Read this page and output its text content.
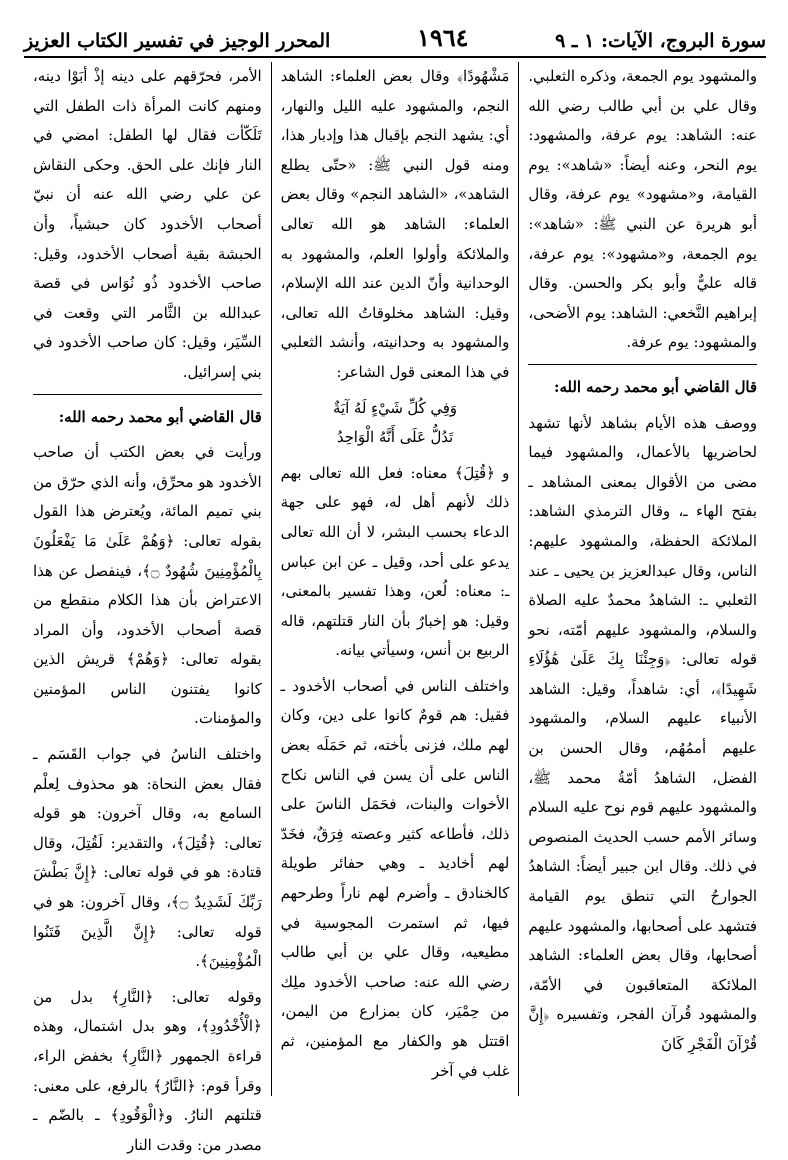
سورة البروج، الآيات: ١ ـ ٩
١٩٦٤
المحرر الوجيز في تفسير الكتاب العزيز

والمشهود يوم الجمعة، وذكره الثعلبي. وقال علي بن أبي طالب رضي الله عنه: الشاهد: يوم عرفة، والمشهود: يوم النحر، وعنه أيضاً: «شاهد»: يوم القيامة، و«مشهود» يوم عرفة، وقال أبو هريرة عن النبي ﷺ: «شاهد»: يوم الجمعة، و«مشهود»: يوم عرفة، قاله عليٌّ وأبو بكر والحسن. وقال إبراهيم النَّخعي: الشاهد: يوم الأضحى، والمشهود: يوم عرفة.

قال القاضي أبو محمد رحمه الله:

ووصف هذه الأيام بشاهد لأنها تشهد لحاضريها بالأعمال، والمشهود فيما مضى من الأقوال بمعنى المشاهد ـ بفتح الهاء ـ، وقال الترمذي الشاهد: الملائكة الحفظة، والمشهود عليهم: الناس، وقال عبدالعزيز بن يحيى ـ عند الثعلبي ـ: الشاهدُ محمدٌ عليه الصلاة والسلام، والمشهود عليهم أمّته، نحو قوله تعالى: ﴿وَجِئْنَا بِكَ عَلَىٰ هَٰؤُلَاءِ شَهِيدًا﴾، أي: شاهداً، وقيل: الشاهد الأنبياء عليهم السلام، والمشهود عليهم أممُهُم، وقال الحسن بن الفضل، الشاهدُ أمّةُ محمد ﷺ، والمشهود عليهم قوم نوح عليه السلام وسائر الأمم حسب الحديث المنصوص في ذلك. وقال ابن جبير أيضاً: الشاهدُ الجوارحُ التي تنطق يوم القيامة فتشهد على أصحابها، والمشهود عليهم أصحابها، وقال بعض العلماء: الشاهد الملائكة المتعاقبون في الأمّة، والمشهود قُرآن الفجر، وتفسيره ﴿إِنَّ قُرْآنَ الْفَجْرِ كَانَ

مَشْهُودًا﴾ وقال بعض العلماء: الشاهد النجم، والمشهود عليه الليل والنهار، أي: يشهد النجم بإقبال هذا وإدبار هذا، ومنه قول النبي ﷺ: «حتّى يطلع الشاهد»، «الشاهد النجم» وقال بعض العلماء: الشاهد هو الله تعالى والملائكة وأولوا العلم، والمشهود به الوحدانية وأنّ الدين عند الله الإسلام، وقيل: الشاهد مخلوقاتُ الله تعالى، والمشهود به وحدانيته، وأنشد الثعلبي في هذا المعنى قول الشاعر:

وَفِي كُلِّ شَيْءٍ لَهُ آيَةٌ
تَدُلُّ عَلَى أَنَّهُ الْوَاحِدُ

و ﴿قُتِلَ﴾ معناه: فعل الله تعالى بهم ذلك لأنهم أهل له، فهو على جهة الدعاء بحسب البشر، لا أن الله تعالى يدعو على أحد، وقيل ـ عن ابن عباس ـ: معناه: لُعن، وهذا تفسير بالمعنى، وقيل: هو إخبارٌ بأن النار قتلتهم، قاله الربيع بن أنس، وسيأتي بيانه.

واختلف الناس في أصحاب الأخدود ـ فقيل: هم قومٌ كانوا على دين، وكان لهم ملك، فزنى بأخته، ثم حَمَلَه بعض الناس على أن يسن في الناس نكاح الأخوات والبنات، فحَمَل الناسَ على ذلك، فأطاعه كثير وعصته فِرَقٌ، فخَدّ لهم أخاديد ـ وهي حفائر طويلة كالخنادق ـ وأضرم لهم ناراً وطرحهم فيها، ثم استمرت المجوسية في مطيعيه، وقال علي بن أبي طالب رضي الله عنه: صاحب الأخدود ملِك من حِمْيَر، كان بمزارع من اليمن، اقتتل هو والكفار مع المؤمنين، ثم غلب في آخر

الأمر، فحرّقهم على دينه إذْ أبَوْا دينه، ومنهم كانت المرأة ذات الطفل التي تَلَكّأت فقال لها الطفل: امضي في النار فإنك على الحق. وحكى النقاش عن علي رضي الله عنه أن نبيّ أصحاب الأخدود كان حبشياً، وأن الحبشة بقية أصحاب الأخدود، وقيل: صاحب الأخدود ذُو نُوَاس في قصة عبدالله بن الثَّامر التي وقعت في السِّيَر، وقيل: كان صاحب الأخدود في بني إسرائيل.

قال القاضي أبو محمد رحمه الله:

ورأيت في بعض الكتب أن صاحب الأخدود هو محرِّق، وأنه الذي حرّق من بني تميم المائة، ويُعترض هذا القول بقوله تعالى: ﴿وَهُمْ عَلَىٰ مَا يَفْعَلُونَ بِالْمُؤْمِنِينَ شُهُودٌ ۝﴾، فينفصل عن هذا الاعتراض بأن هذا الكلام منقطع من قصة أصحاب الأخدود، وأن المراد بقوله تعالى: ﴿وَهُمْ﴾ قريش الذين كانوا يفتنون الناس المؤمنين والمؤمنات.

واختلف الناسُ في جواب القَسَم ـ فقال بعض النحاة: هو محذوف لِعلْم السامع به، وقال آخرون: هو قوله تعالى: ﴿قُتِلَ﴾، والتقدير: لَقُتِلَ، وقال قتادة: هو في قوله تعالى: ﴿إِنَّ بَطْشَ رَبِّكَ لَشَدِيدٌ ۝﴾، وقال آخرون: هو في قوله تعالى: ﴿إِنَّ الَّذِينَ فَتَنُوا الْمُؤْمِنِينَ﴾.

وقوله تعالى: ﴿النَّارِ﴾ بدل من ﴿الْأُخْدُودِ﴾، وهو بدل اشتمال، وهذه قراءة الجمهور ﴿النَّارِ﴾ بخفض الراء، وقرأ قوم: ﴿النَّارُ﴾ بالرفع، على معنى: قتلتهم النارُ. و﴿الْوَقُودِ﴾ ـ بالضّم ـ مصدر من: وقدت النار
